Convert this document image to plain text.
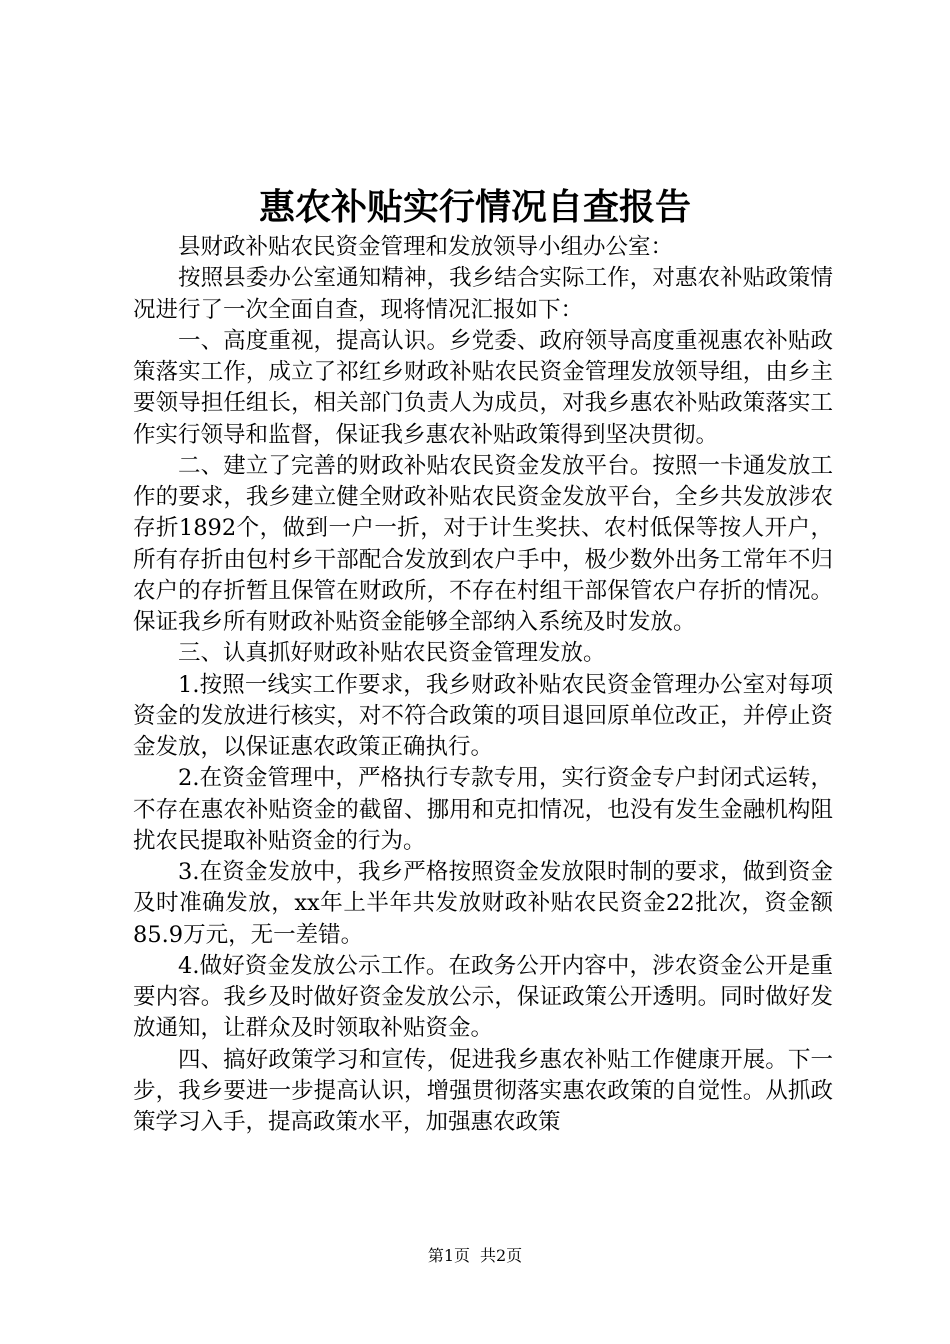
惠农补贴实行情况自查报告

县财政补贴农民资金管理和发放领导小组办公室：

按照县委办公室通知精神，我乡结合实际工作，对惠农补贴政策情况进行了一次全面自查，现将情况汇报如下：

一、高度重视，提高认识。乡党委、政府领导高度重视惠农补贴政策落实工作，成立了祁红乡财政补贴农民资金管理发放领导组，由乡主要领导担任组长，相关部门负责人为成员，对我乡惠农补贴政策落实工作实行领导和监督，保证我乡惠农补贴政策得到坚决贯彻。

二、建立了完善的财政补贴农民资金发放平台。按照一卡通发放工作的要求，我乡建立健全财政补贴农民资金发放平台，全乡共发放涉农存折1892个，做到一户一折，对于计生奖扶、农村低保等按人开户，所有存折由包村乡干部配合发放到农户手中，极少数外出务工常年不归农户的存折暂且保管在财政所，不存在村组干部保管农户存折的情况。保证我乡所有财政补贴资金能够全部纳入系统及时发放。

三、认真抓好财政补贴农民资金管理发放。

1.按照一线实工作要求，我乡财政补贴农民资金管理办公室对每项资金的发放进行核实，对不符合政策的项目退回原单位改正，并停止资金发放，以保证惠农政策正确执行。

2.在资金管理中，严格执行专款专用，实行资金专户封闭式运转，不存在惠农补贴资金的截留、挪用和克扣情况，也没有发生金融机构阻扰农民提取补贴资金的行为。

3.在资金发放中，我乡严格按照资金发放限时制的要求，做到资金及时准确发放，xx年上半年共发放财政补贴农民资金22批次，资金额85.9万元，无一差错。

4.做好资金发放公示工作。在政务公开内容中，涉农资金公开是重要内容。我乡及时做好资金发放公示，保证政策公开透明。同时做好发放通知，让群众及时领取补贴资金。

四、搞好政策学习和宣传，促进我乡惠农补贴工作健康开展。下一步，我乡要进一步提高认识，增强贯彻落实惠农政策的自觉性。从抓政策学习入手，提高政策水平，加强惠农政策

第1页 共2页
